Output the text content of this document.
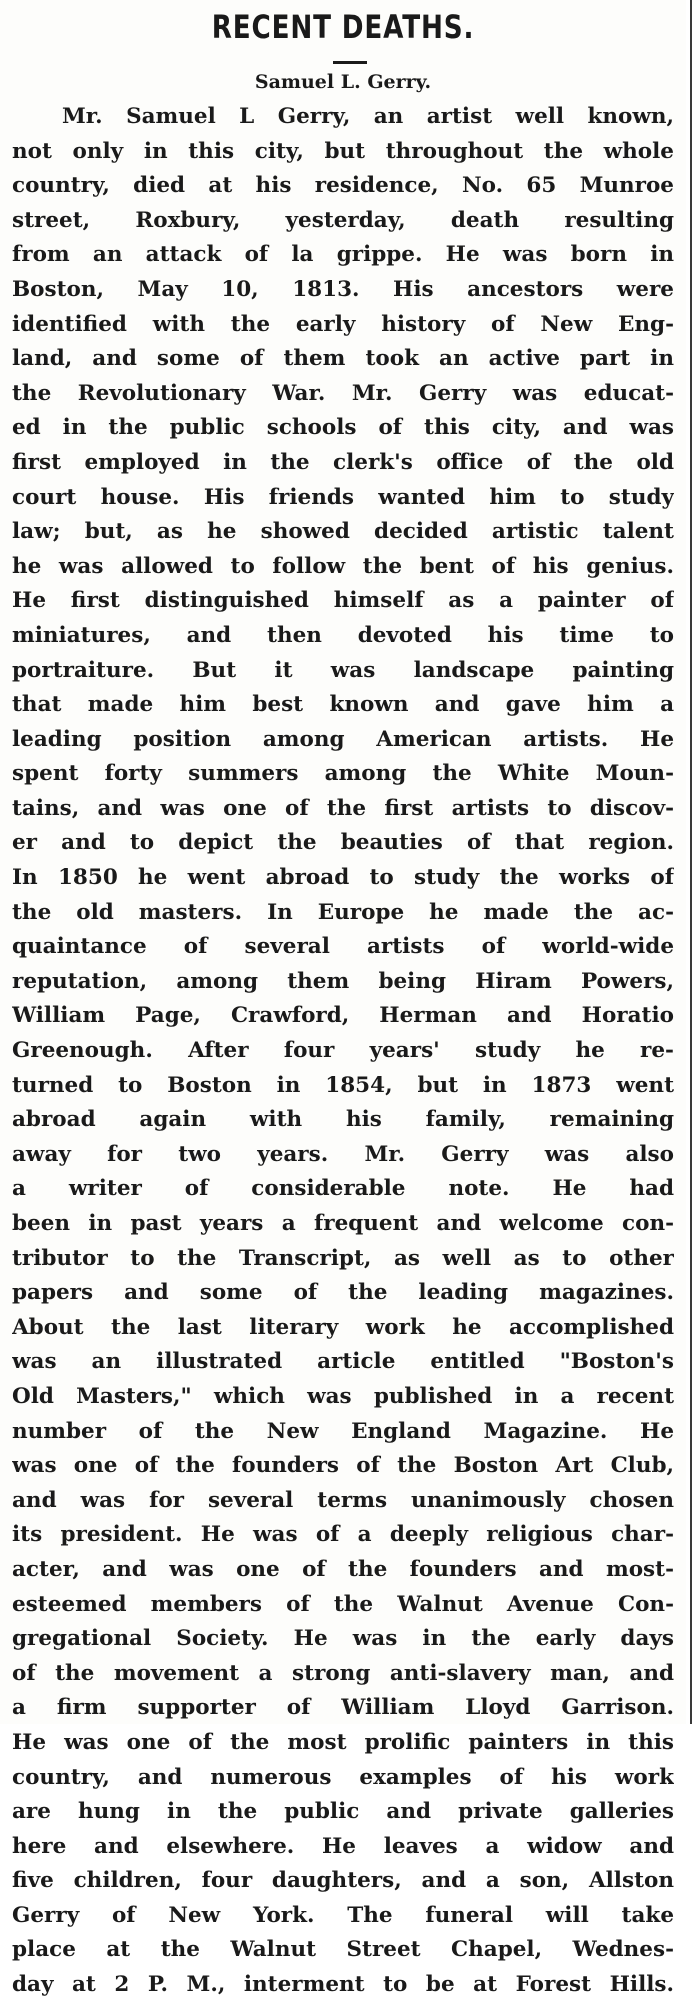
RECENT DEATHS.
Samuel L. Gerry.
Mr. Samuel L Gerry, an artist well known,
not only in this city, but throughout the whole
country, died at his residence, No. 65 Munroe
street, Roxbury, yesterday, death resulting
from an attack of la grippe. He was born in
Boston, May 10, 1813. His ancestors were
identified with the early history of New Eng-
land, and some of them took an active part in
the Revolutionary War. Mr. Gerry was educat-
ed in the public schools of this city, and was
first employed in the clerk's office of the old
court house. His friends wanted him to study
law; but, as he showed decided artistic talent
he was allowed to follow the bent of his genius.
He first distinguished himself as a painter of
miniatures, and then devoted his time to
portraiture. But it was landscape painting
that made him best known and gave him a
leading position among American artists. He
spent forty summers among the White Moun-
tains, and was one of the first artists to discov-
er and to depict the beauties of that region.
In 1850 he went abroad to study the works of
the old masters. In Europe he made the ac-
quaintance of several artists of world-wide
reputation, among them being Hiram Powers,
William Page, Crawford, Herman and Horatio
Greenough. After four years' study he re-
turned to Boston in 1854, but in 1873 went
abroad again with his family, remaining
away for two years. Mr. Gerry was also
a writer of considerable note. He had
been in past years a frequent and welcome con-
tributor to the Transcript, as well as to other
papers and some of the leading magazines.
About the last literary work he accomplished
was an illustrated article entitled "Boston's
Old Masters," which was published in a recent
number of the New England Magazine. He
was one of the founders of the Boston Art Club,
and was for several terms unanimously chosen
its president. He was of a deeply religious char-
acter, and was one of the founders and most-
esteemed members of the Walnut Avenue Con-
gregational Society. He was in the early days
of the movement a strong anti-slavery man, and
a firm supporter of William Lloyd Garrison.
He was one of the most prolific painters in this
country, and numerous examples of his work
are hung in the public and private galleries
here and elsewhere. He leaves a widow and
five children, four daughters, and a son, Allston
Gerry of New York. The funeral will take
place at the Walnut Street Chapel, Wednes-
day at 2 P. M., interment to be at Forest Hills.
